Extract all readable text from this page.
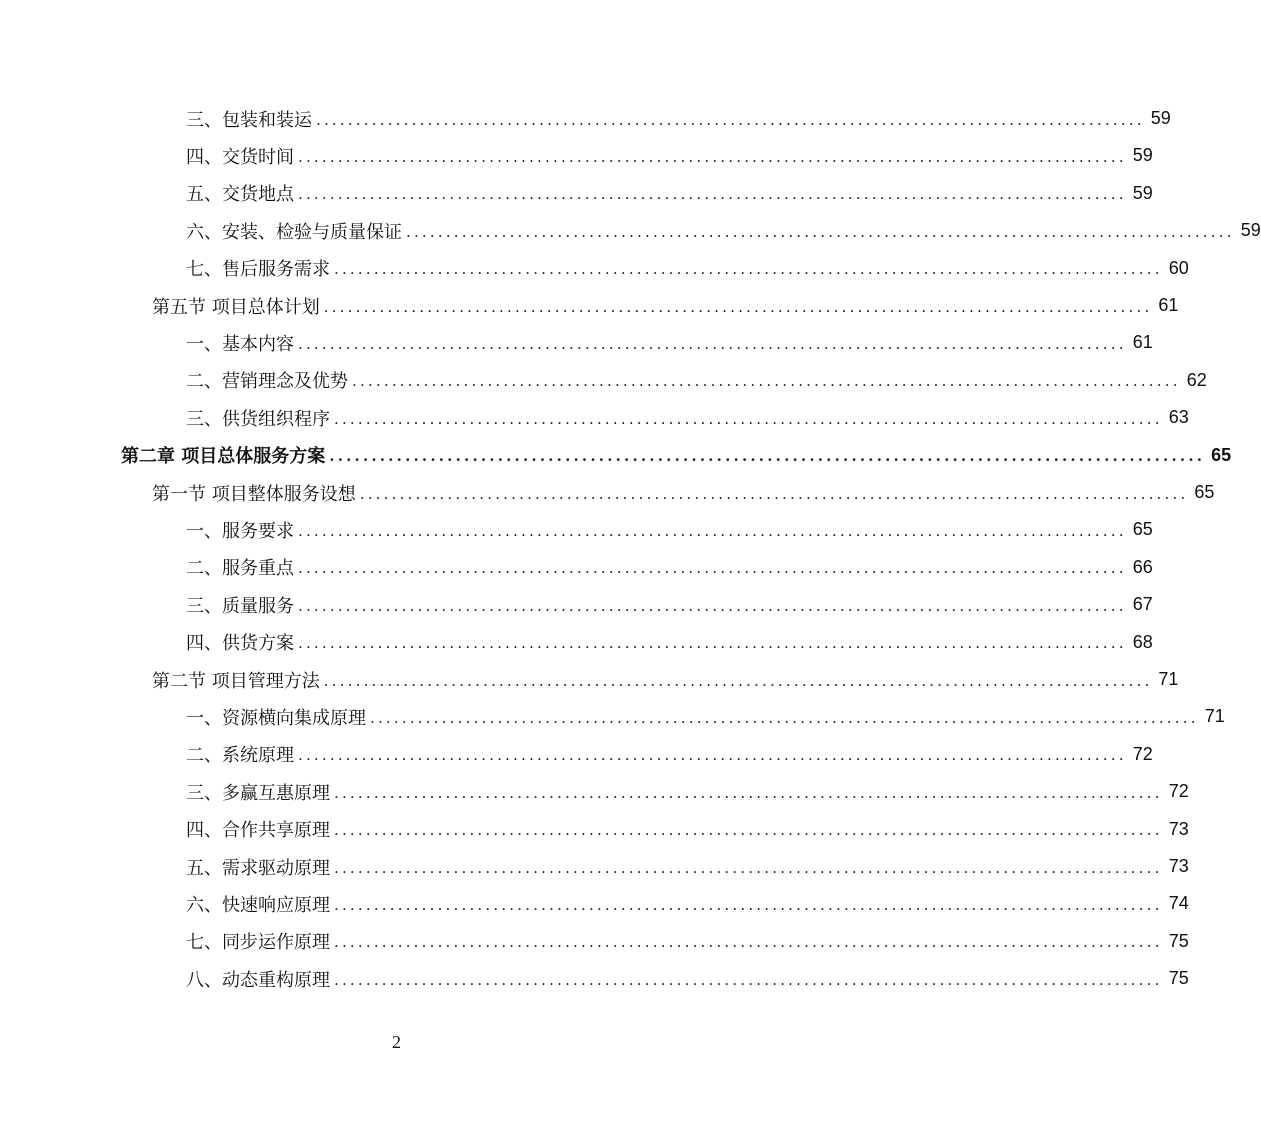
三、包装和装运 ........................................................................................................ 59
四、交货时间 ........................................................................................................ 59
五、交货地点 ........................................................................................................ 59
六、安装、检验与质量保证 ........................................................................................................ 59
七、售后服务需求 ........................................................................................................ 60
第五节 项目总体计划 ........................................................................................................ 61
一、基本内容 ........................................................................................................ 61
二、营销理念及优势 ........................................................................................................ 62
三、供货组织程序 ........................................................................................................ 63
第二章 项目总体服务方案 ........................................................................................................ 65
第一节 项目整体服务设想 ........................................................................................................ 65
一、服务要求 ........................................................................................................ 65
二、服务重点 ........................................................................................................ 66
三、质量服务 ........................................................................................................ 67
四、供货方案 ........................................................................................................ 68
第二节 项目管理方法 ........................................................................................................ 71
一、资源横向集成原理 ........................................................................................................ 71
二、系统原理 ........................................................................................................ 72
三、多赢互惠原理 ........................................................................................................ 72
四、合作共享原理 ........................................................................................................ 73
五、需求驱动原理 ........................................................................................................ 73
六、快速响应原理 ........................................................................................................ 74
七、同步运作原理 ........................................................................................................ 75
八、动态重构原理 ........................................................................................................ 75
2
